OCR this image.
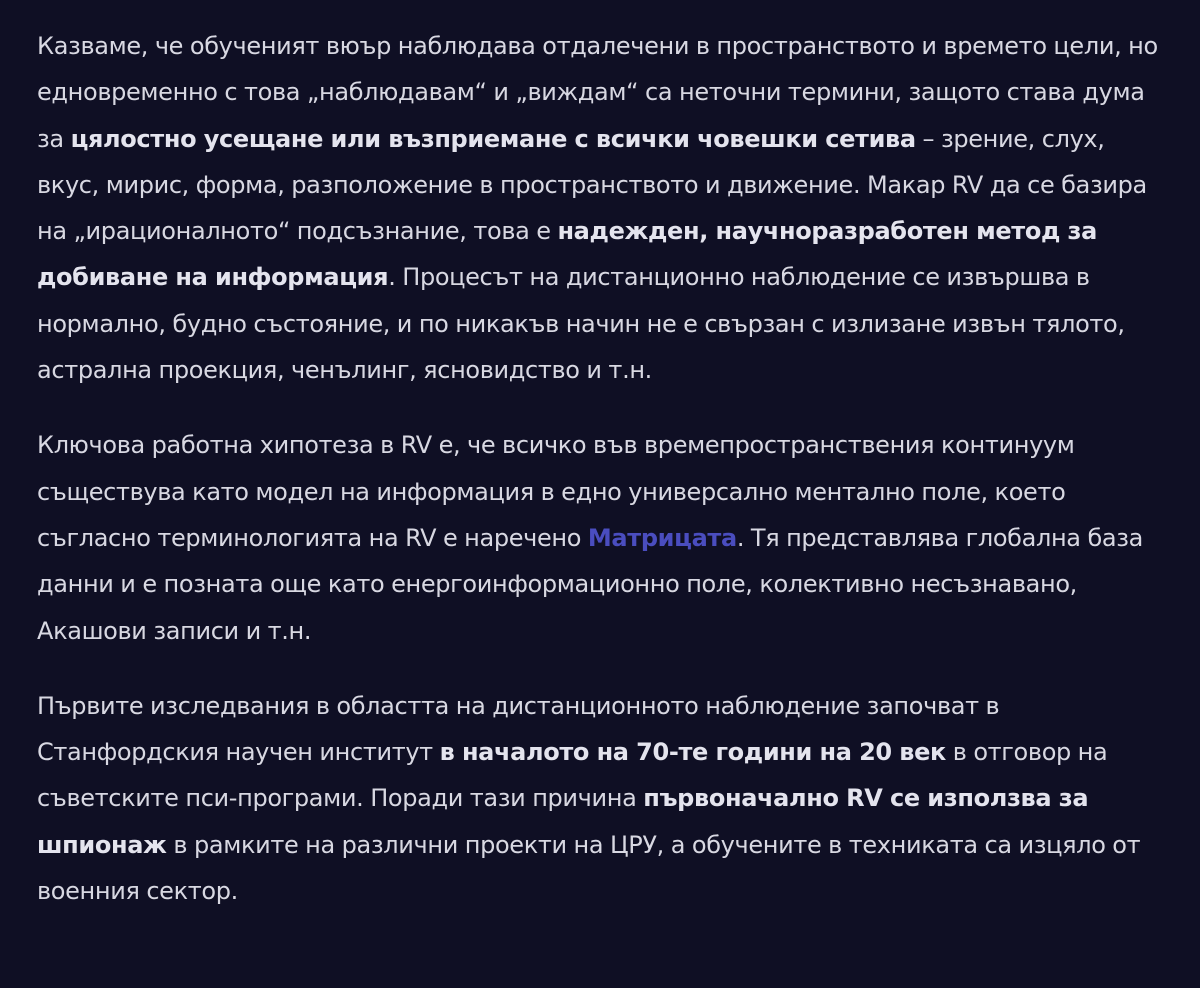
Казваме, че обученият вюър наблюдава отдалечени в пространството и времето цели, но едновременно с това „наблюдавам“ и „виждам“ са неточни термини, защото става дума за цялостно усещане или възприемане с всички човешки сетива – зрение, слух, вкус, мирис, форма, разположение в пространството и движение. Макар RV да се базира на „ирационалното“ подсъзнание, това е надежден, научноразработен метод за добиване на информация. Процесът на дистанционно наблюдение се извършва в нормално, будно състояние, и по никакъв начин не е свързан с излизане извън тялото, астрална проекция, ченълинг, ясновидство и т.н.

Ключова работна хипотеза в RV е, че всичко във времепространствения континуум съществува като модел на информация в едно универсално ментално поле, което съгласно терминологията на RV е наречено Матрицата. Тя представлява глобална база данни и е позната още като енергоинформационно поле, колективно несъзнавано, Акашови записи и т.н.

Първите изследвания в областта на дистанционното наблюдение започват в Станфордския научен институт в началото на 70-те години на 20 век в отговор на съветските пси-програми. Поради тази причина първоначално RV се използва за шпионаж в рамките на различни проекти на ЦРУ, а обучените в техниката са изцяло от военния сектор.
